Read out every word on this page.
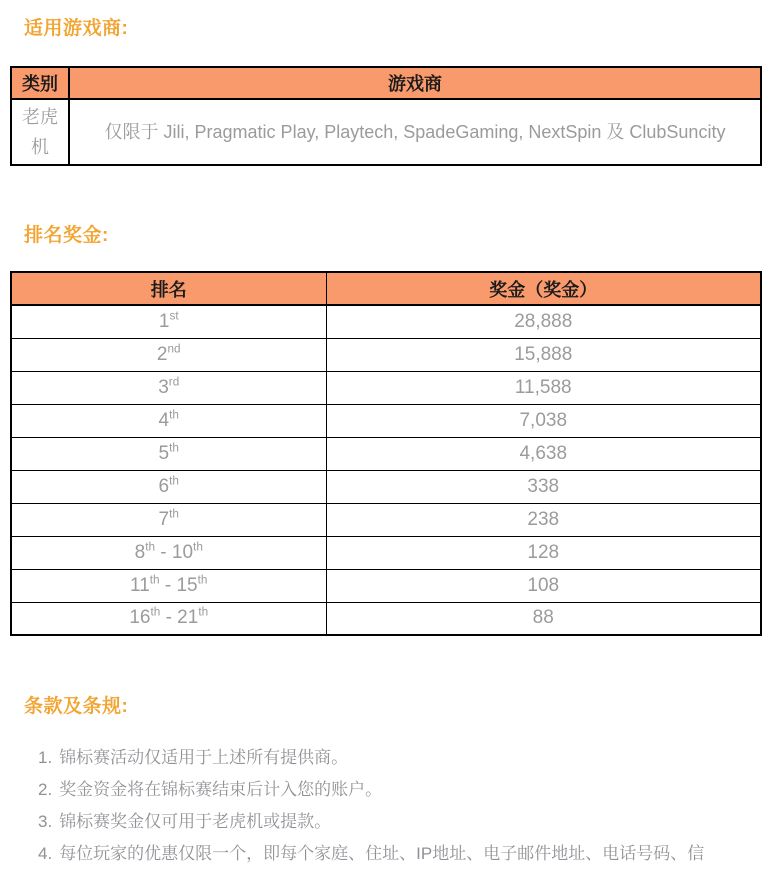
适用游戏商:
类别	游戏商
老虎机	仅限于 Jili, Pragmatic Play, Playtech, SpadeGaming, NextSpin 及 ClubSuncity
排名奖金:
排名	奖金（奖金）
1st	28,888
2nd	15,888
3rd	11,588
4th	7,038
5th	4,638
6th	338
7th	238
8th - 10th	128
11th - 15th	108
16th - 21th	88
条款及条规:
1. 锦标赛活动仅适用于上述所有提供商。
2. 奖金资金将在锦标赛结束后计入您的账户。
3. 锦标赛奖金仅可用于老虎机或提款。
4. 每位玩家的优惠仅限一个，即每个家庭、住址、IP地址、电子邮件地址、电话号码、信
